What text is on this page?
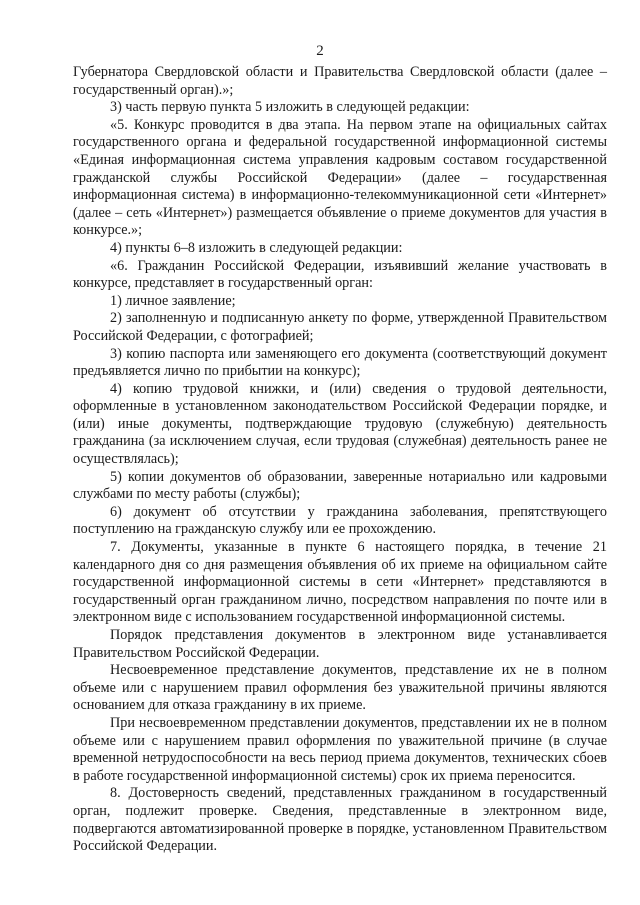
2

Губернатора Свердловской области и Правительства Свердловской области (далее – государственный орган).»;

3) часть первую пункта 5 изложить в следующей редакции:

«5. Конкурс проводится в два этапа. На первом этапе на официальных сайтах государственного органа и федеральной государственной информационной системы «Единая информационная система управления кадровым составом государственной гражданской службы Российской Федерации» (далее – государственная информационная система) в информационно-телекоммуникационной сети «Интернет» (далее – сеть «Интернет») размещается объявление о приеме документов для участия в конкурсе.»;

4) пункты 6–8 изложить в следующей редакции:

«6. Гражданин Российской Федерации, изъявивший желание участвовать в конкурсе, представляет в государственный орган:

1) личное заявление;

2) заполненную и подписанную анкету по форме, утвержденной Правительством Российской Федерации, с фотографией;

3) копию паспорта или заменяющего его документа (соответствующий документ предъявляется лично по прибытии на конкурс);

4) копию трудовой книжки, и (или) сведения о трудовой деятельности, оформленные в установленном законодательством Российской Федерации порядке, и (или) иные документы, подтверждающие трудовую (служебную) деятельность гражданина (за исключением случая, если трудовая (служебная) деятельность ранее не осуществлялась);

5) копии документов об образовании, заверенные нотариально или кадровыми службами по месту работы (службы);

6) документ об отсутствии у гражданина заболевания, препятствующего поступлению на гражданскую службу или ее прохождению.

7. Документы, указанные в пункте 6 настоящего порядка, в течение 21 календарного дня со дня размещения объявления об их приеме на официальном сайте государственной информационной системы в сети «Интернет» представляются в государственный орган гражданином лично, посредством направления по почте или в электронном виде с использованием государственной информационной системы.

Порядок представления документов в электронном виде устанавливается Правительством Российской Федерации.

Несвоевременное представление документов, представление их не в полном объеме или с нарушением правил оформления без уважительной причины являются основанием для отказа гражданину в их приеме.

При несвоевременном представлении документов, представлении их не в полном объеме или с нарушением правил оформления по уважительной причине (в случае временной нетрудоспособности на весь период приема документов, технических сбоев в работе государственной информационной системы) срок их приема переносится.

8. Достоверность сведений, представленных гражданином в государственный орган, подлежит проверке. Сведения, представленные в электронном виде, подвергаются автоматизированной проверке в порядке, установленном Правительством Российской Федерации.
